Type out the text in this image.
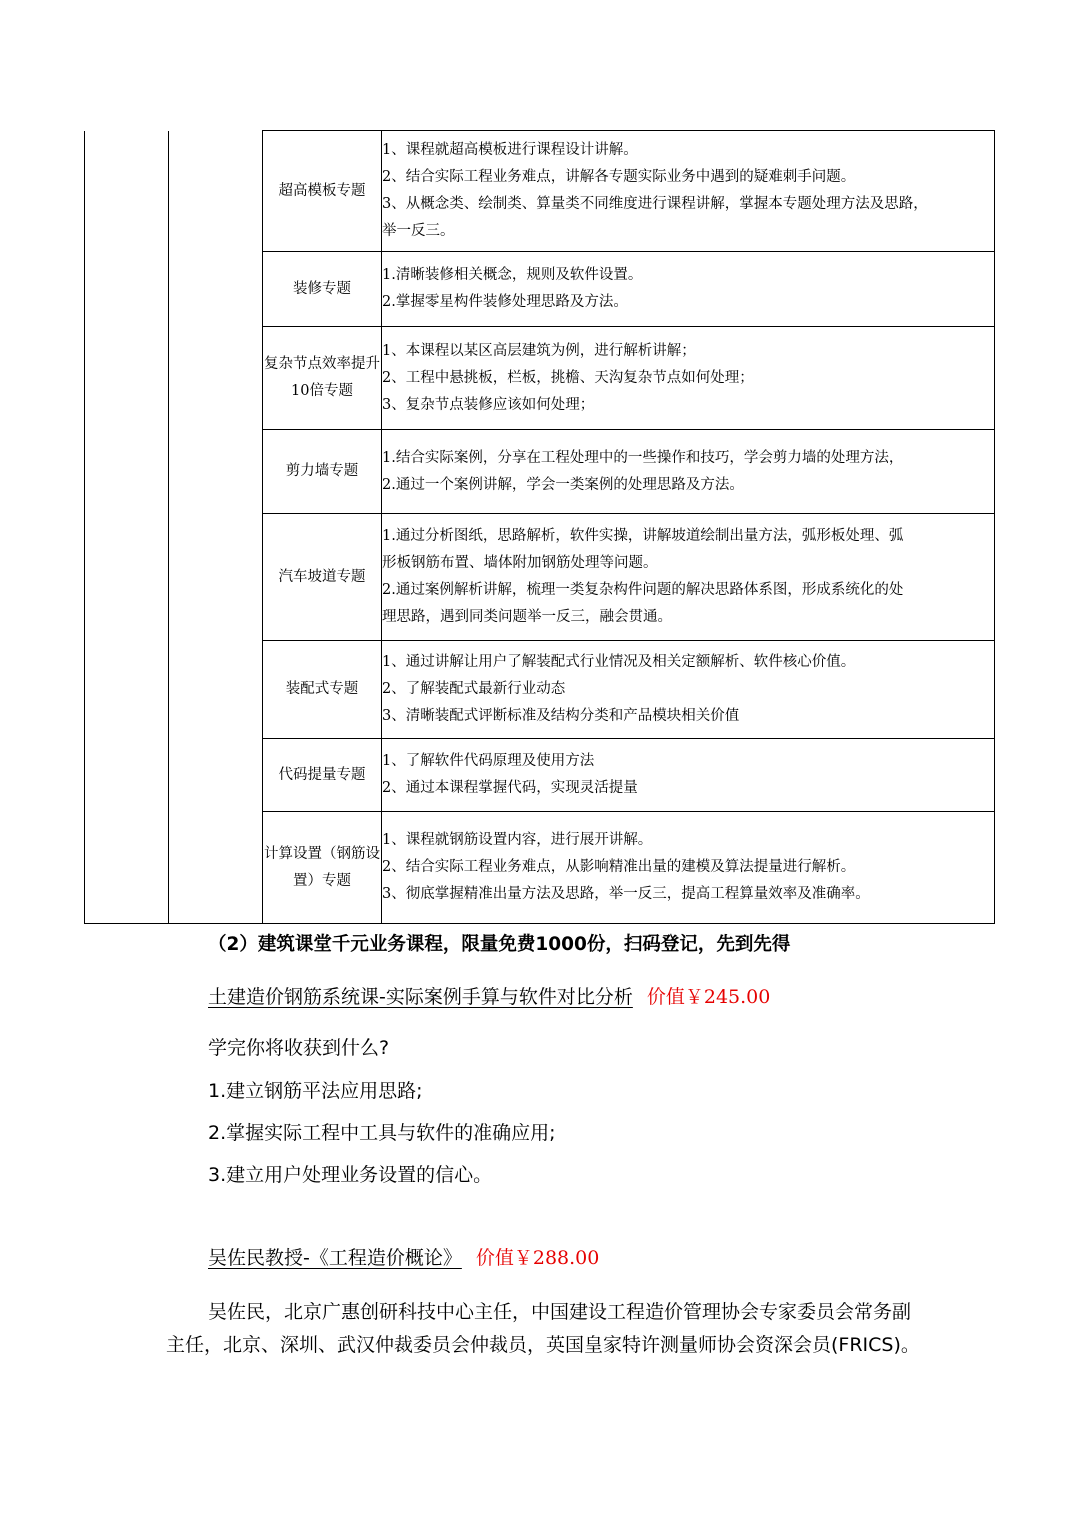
		超高模板专题	1、课程就超高模板进行课程设计讲解。
2、结合实际工程业务难点，讲解各专题实际业务中遇到的疑难刺手问题。
3、从概念类、绘制类、算量类不同维度进行课程讲解，掌握本专题处理方法及思路，
举一反三。

		装修专题	1.清晰装修相关概念，规则及软件设置。
2.掌握零星构件装修处理思路及方法。

		复杂节点效率提升10倍专题	1、本课程以某区高层建筑为例，进行解析讲解；
2、工程中悬挑板，栏板，挑檐、天沟复杂节点如何处理；
3、复杂节点装修应该如何处理；

		剪力墙专题	1.结合实际案例，分享在工程处理中的一些操作和技巧，学会剪力墙的处理方法，
2.通过一个案例讲解，学会一类案例的处理思路及方法。

		汽车坡道专题	1.通过分析图纸，思路解析，软件实操，讲解坡道绘制出量方法，弧形板处理、弧
形板钢筋布置、墙体附加钢筋处理等问题。
2.通过案例解析讲解，梳理一类复杂构件问题的解决思路体系图，形成系统化的处
理思路，遇到同类问题举一反三，融会贯通。

		装配式专题	1、通过讲解让用户了解装配式行业情况及相关定额解析、软件核心价值。
2、了解装配式最新行业动态
3、清晰装配式评断标准及结构分类和产品模块相关价值

		代码提量专题	1、了解软件代码原理及使用方法
2、通过本课程掌握代码，实现灵活提量

		计算设置（钢筋设置）专题	1、课程就钢筋设置内容，进行展开讲解。
2、结合实际工程业务难点，从影响精准出量的建模及算法提量进行解析。
3、彻底掌握精准出量方法及思路，举一反三，提高工程算量效率及准确率。
（2）建筑课堂千元业务课程，限量免费1000份，扫码登记，先到先得
土建造价钢筋系统课-实际案例手算与软件对比分析 价值￥245.00
学完你将收获到什么?
1.建立钢筋平法应用思路;
2.掌握实际工程中工具与软件的准确应用;
3.建立用户处理业务设置的信心。
吴佐民教授-《工程造价概论》 价值￥288.00
吴佐民，北京广惠创研科技中心主任，中国建设工程造价管理协会专家委员会常务副主任，北京、深圳、武汉仲裁委员会仲裁员，英国皇家特许测量师协会资深会员(FRICS)。
